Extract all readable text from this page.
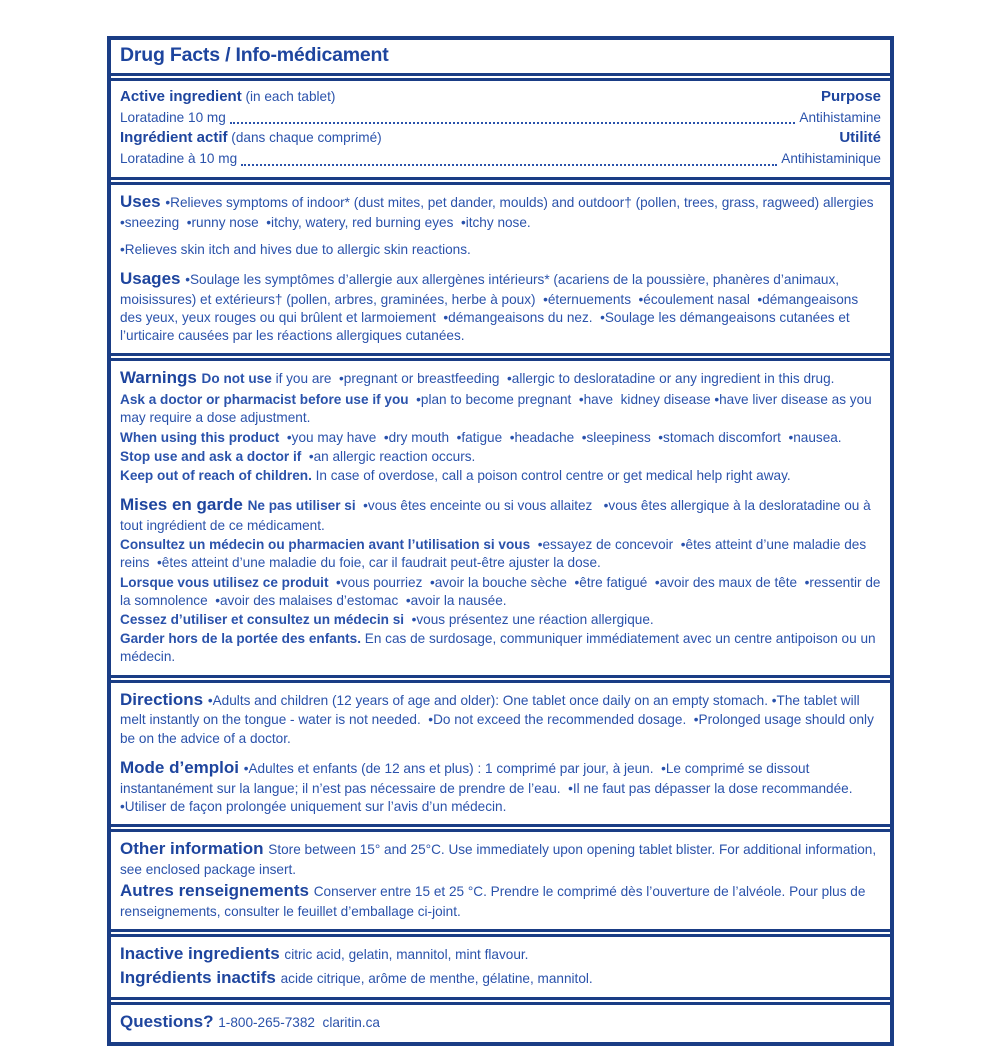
Drug Facts / Info-médicament
Active ingredient (in each tablet)	Purpose
Loratadine 10 mg	Antihistamine
Ingrédient actif (dans chaque comprimé)	Utilité
Loratadine à 10 mg	Antihistaminique

Uses •Relieves symptoms of indoor* (dust mites, pet dander, moulds) and outdoor† (pollen, trees, grass, ragweed) allergies  •sneezing  •runny nose  •itchy, watery, red burning eyes  •itchy nose.

•Relieves skin itch and hives due to allergic skin reactions.

Usages •Soulage les symptômes d’allergie aux allergènes intérieurs* (acariens de la poussière, phanères d’animaux, moisissures) et extérieurs† (pollen, arbres, graminées, herbe à poux)  •éternuements  •écoulement nasal  •démangeaisons des yeux, yeux rouges ou qui brûlent et larmoiement  •démangeaisons du nez.  •Soulage les démangeaisons cutanées et l’urticaire causées par les réactions allergiques cutanées.

Warnings Do not use if you are  •pregnant or breastfeeding  •allergic to desloratadine or any ingredient in this drug.

Ask a doctor or pharmacist before use if you  •plan to become pregnant  •have  kidney disease •have liver disease as you may require a dose adjustment.

When using this product  •you may have  •dry mouth  •fatigue  •headache  •sleepiness  •stomach discomfort  •nausea.

Stop use and ask a doctor if  •an allergic reaction occurs.

Keep out of reach of children. In case of overdose, call a poison control centre or get medical help right away.

Mises en garde Ne pas utiliser si  •vous êtes enceinte ou si vous allaitez   •vous êtes allergique à la desloratadine ou à tout ingrédient de ce médicament.

Consultez un médecin ou pharmacien avant l’utilisation si vous  •essayez de concevoir  •êtes atteint d’une maladie des reins  •êtes atteint d’une maladie du foie, car il faudrait peut-être ajuster la dose.

Lorsque vous utilisez ce produit  •vous pourriez  •avoir la bouche sèche  •être fatigué  •avoir des maux de tête  •ressentir de la somnolence  •avoir des malaises d’estomac  •avoir la nausée.

Cessez d’utiliser et consultez un médecin si  •vous présentez une réaction allergique.

Garder hors de la portée des enfants. En cas de surdosage, communiquer immédiatement avec un centre antipoison ou un médecin.

Directions •Adults and children (12 years of age and older): One tablet once daily on an empty stomach. •The tablet will melt instantly on the tongue - water is not needed.  •Do not exceed the recommended dosage.  •Prolonged usage should only be on the advice of a doctor.

Mode d’emploi •Adultes et enfants (de 12 ans et plus) : 1 comprimé par jour, à jeun.  •Le comprimé se dissout instantanément sur la langue; il n’est pas nécessaire de prendre de l’eau.  •Il ne faut pas dépasser la dose recommandée.  •Utiliser de façon prolongée uniquement sur l’avis d’un médecin.

Other information Store between 15° and 25°C. Use immediately upon opening tablet blister. For additional information, see enclosed package insert.

Autres renseignements Conserver entre 15 et 25 °C. Prendre le comprimé dès l’ouverture de l’alvéole. Pour plus de renseignements, consulter le feuillet d’emballage ci-joint.

Inactive ingredients citric acid, gelatin, mannitol, mint flavour.

Ingrédients inactifs acide citrique, arôme de menthe, gélatine, mannitol.

Questions? 1-800-265-7382  claritin.ca
